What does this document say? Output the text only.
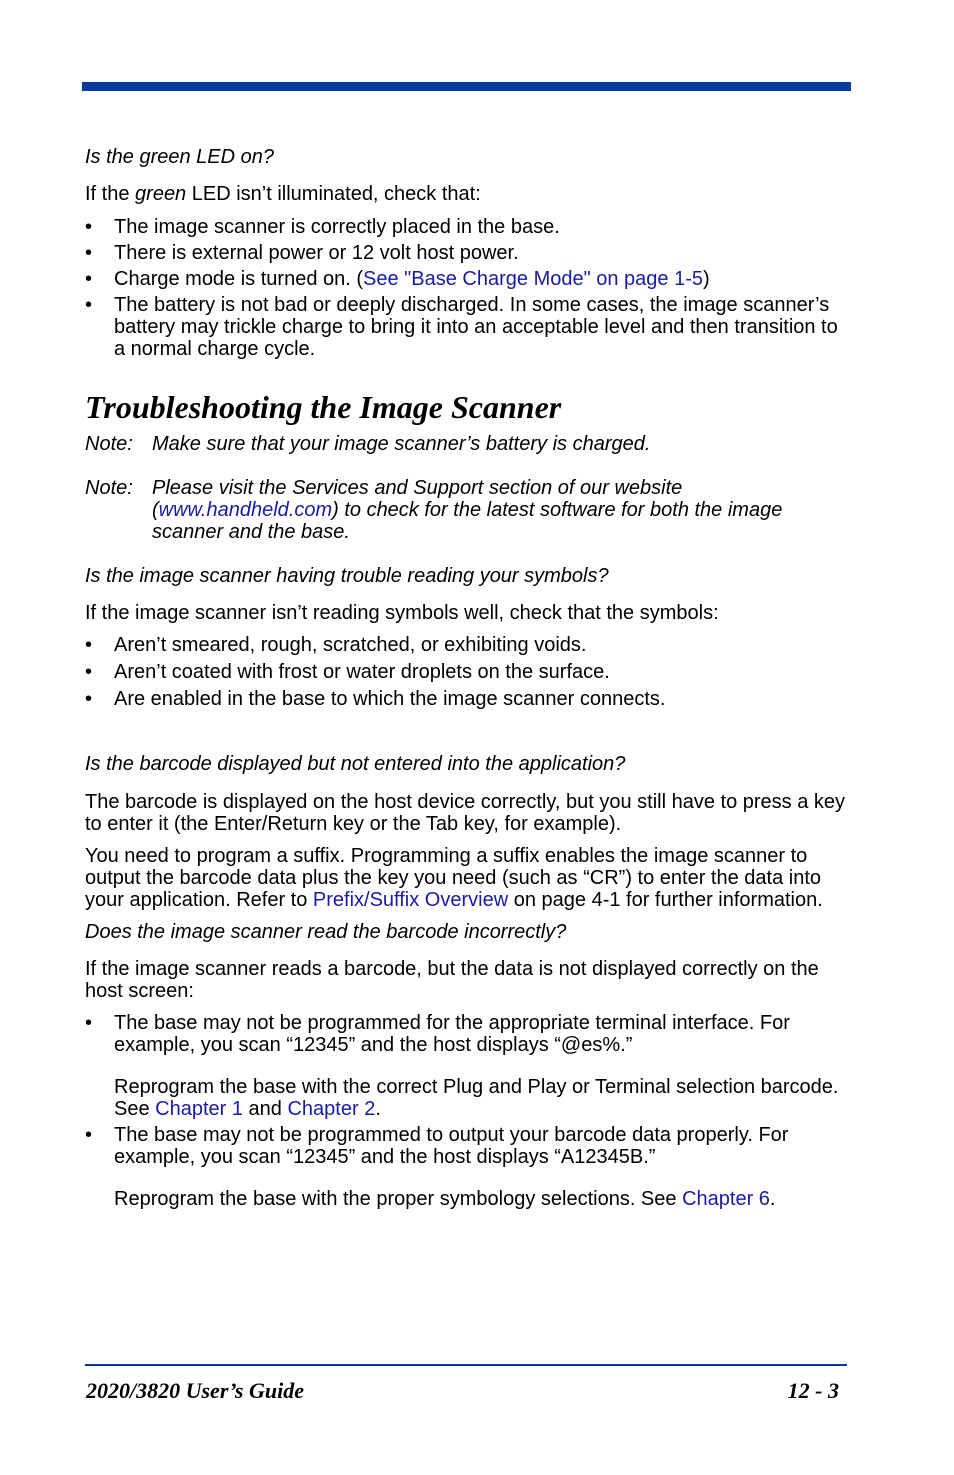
Is the green LED on?

If the green LED isn’t illuminated, check that:

• The image scanner is correctly placed in the base.
• There is external power or 12 volt host power.
• Charge mode is turned on. (See "Base Charge Mode" on page 1-5)
• The battery is not bad or deeply discharged. In some cases, the image scanner’s battery may trickle charge to bring it into an acceptable level and then transition to a normal charge cycle.
Troubleshooting the Image Scanner
Note: Make sure that your image scanner’s battery is charged.
Note: Please visit the Services and Support section of our website (www.handheld.com) to check for the latest software for both the image scanner and the base.

Is the image scanner having trouble reading your symbols?

If the image scanner isn’t reading symbols well, check that the symbols:

• Aren’t smeared, rough, scratched, or exhibiting voids.
• Aren’t coated with frost or water droplets on the surface.
• Are enabled in the base to which the image scanner connects.

Is the barcode displayed but not entered into the application?

The barcode is displayed on the host device correctly, but you still have to press a key to enter it (the Enter/Return key or the Tab key, for example).

You need to program a suffix. Programming a suffix enables the image scanner to output the barcode data plus the key you need (such as “CR”) to enter the data into your application. Refer to Prefix/Suffix Overview on page 4-1 for further information.

Does the image scanner read the barcode incorrectly?

If the image scanner reads a barcode, but the data is not displayed correctly on the host screen:

• The base may not be programmed for the appropriate terminal interface. For example, you scan “12345” and the host displays “@es%.”
Reprogram the base with the correct Plug and Play or Terminal selection barcode. See Chapter 1 and Chapter 2.
• The base may not be programmed to output your barcode data properly. For example, you scan “12345” and the host displays “A12345B.”
Reprogram the base with the proper symbology selections. See Chapter 6.
2020/3820 User’s Guide	12 - 3
